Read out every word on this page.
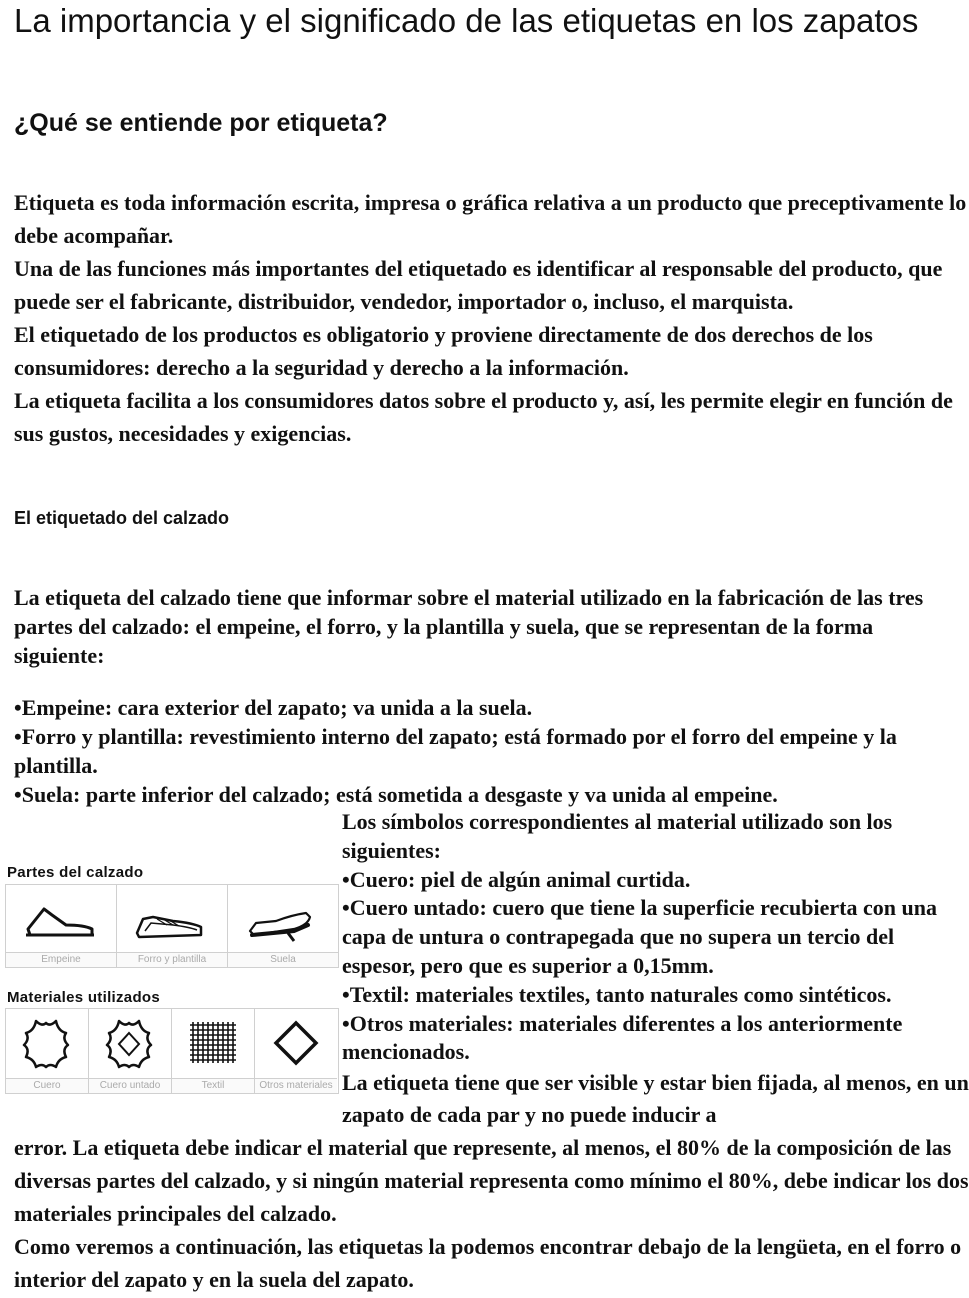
La importancia y el significado de las etiquetas en los zapatos
¿Qué se entiende por etiqueta?

Etiqueta es toda información escrita, impresa o gráfica relativa a un producto que preceptivamente lo debe acompañar.

Una de las funciones más importantes del etiquetado es identificar al responsable del producto, que puede ser el fabricante, distribuidor, vendedor, importador o, incluso, el marquista.

El etiquetado de los productos es obligatorio y proviene directamente de dos derechos de los consumidores: derecho a la seguridad y derecho a la información.

La etiqueta facilita a los consumidores datos sobre el producto y, así, les permite elegir en función de sus gustos, necesidades y exigencias.

El etiquetado del calzado

La etiqueta del calzado tiene que informar sobre el material utilizado en la fabricación de las tres partes del calzado: el empeine, el forro, y la plantilla y suela, que se representan de la forma siguiente:

•Empeine: cara exterior del zapato; va unida a la suela.

•Forro y plantilla: revestimiento interno del zapato; está formado por el forro del empeine y la plantilla.

•Suela: parte inferior del calzado; está sometida a desgaste y va unida al empeine.

Partes del calzado
Empeine	Forro y plantilla	Suela
Materiales utilizados
Cuero	Cuero untado	Textil	Otros materiales

Los símbolos correspondientes al material utilizado son los siguientes:

•Cuero: piel de algún animal curtida.

•Cuero untado: cuero que tiene la superficie recubierta con una capa de untura o contrapegada que no supera un tercio del espesor, pero que es superior a 0,15mm.

•Textil: materiales textiles, tanto naturales como sintéticos.

•Otros materiales: materiales diferentes a los anteriormente mencionados.

La etiqueta tiene que ser visible y estar bien fijada, al menos, en un zapato de cada par y no puede inducir a

error. La etiqueta debe indicar el material que represente, al menos, el 80% de la composición de las diversas partes del calzado, y si ningún material representa como mínimo el 80%, debe indicar los dos materiales principales del calzado.

Como veremos a continuación, las etiquetas la podemos encontrar debajo de la lengüeta, en el forro o interior del zapato y en la suela del zapato.
